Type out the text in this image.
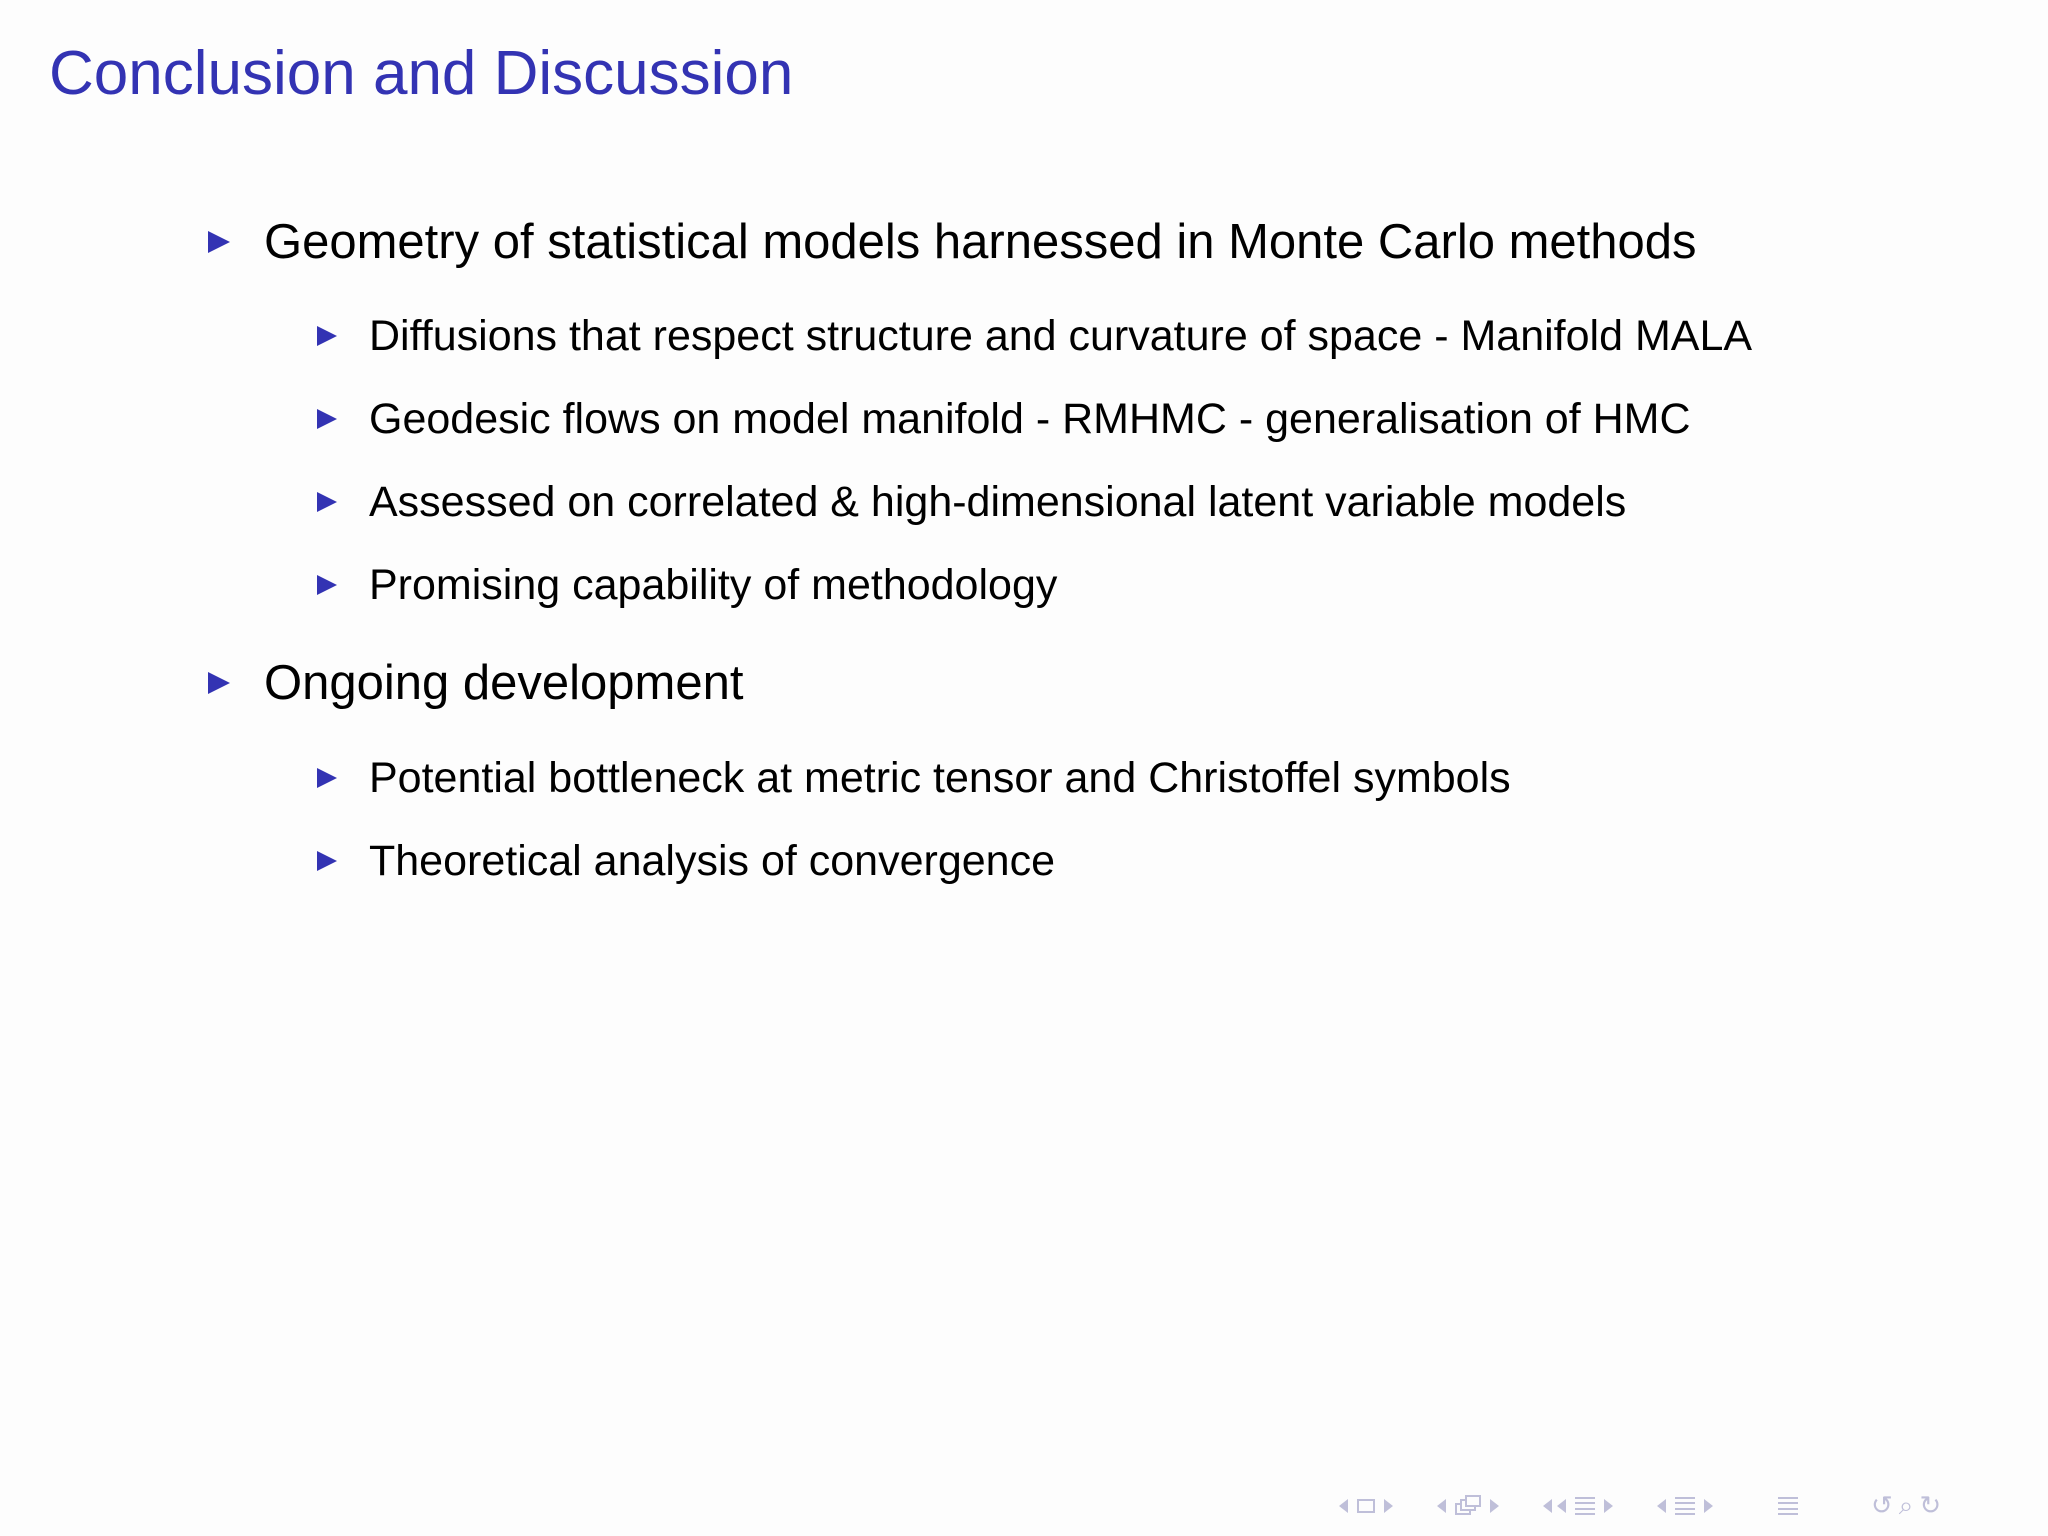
Conclusion and Discussion
Geometry of statistical models harnessed in Monte Carlo methods
Diffusions that respect structure and curvature of space - Manifold MALA
Geodesic flows on model manifold - RMHMC - generalisation of HMC
Assessed on correlated & high-dimensional latent variable models
Promising capability of methodology
Ongoing development
Potential bottleneck at metric tensor and Christoffel symbols
Theoretical analysis of convergence
↺ ⌕ ↻
